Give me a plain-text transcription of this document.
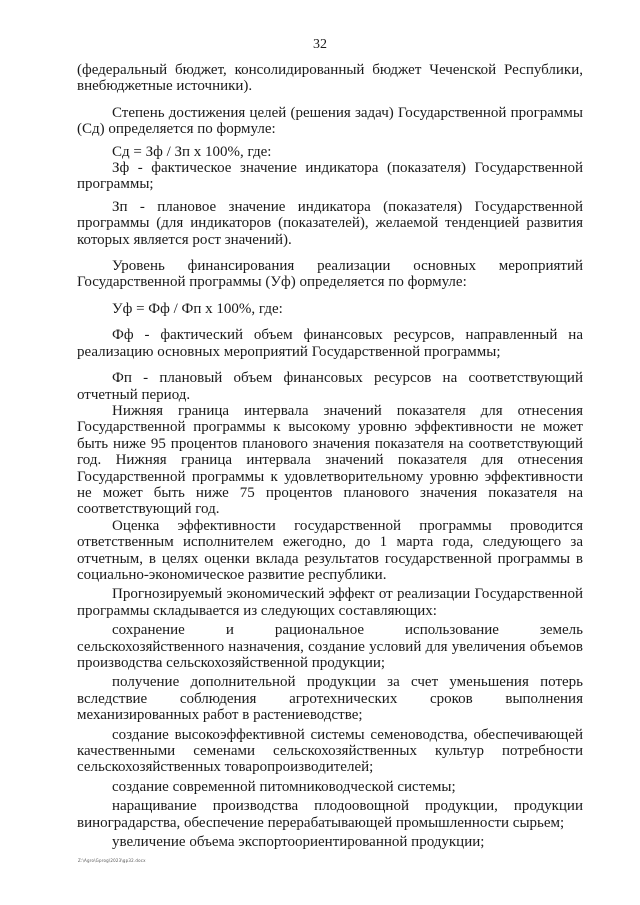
32

(федеральный бюджет, консолидированный бюджет Чеченской Республики, внебюджетные источники).

Степень достижения целей (решения задач) Государственной программы (Сд) определяется по формуле:

Сд = Зф / Зп х 100%, где:

Зф - фактическое значение индикатора (показателя) Государственной программы;

Зп - плановое значение индикатора (показателя) Государственной программы (для индикаторов (показателей), желаемой тенденцией развития которых является рост значений).

Уровень финансирования реализации основных мероприятий Государственной программы (Уф) определяется по формуле:

Уф = Фф / Фп х 100%, где:

Фф - фактический объем финансовых ресурсов, направленный на реализацию основных мероприятий Государственной программы;

Фп - плановый объем финансовых ресурсов на соответствующий отчетный период.

Нижняя граница интервала значений показателя для отнесения Государственной программы к высокому уровню эффективности не может быть ниже 95 процентов планового значения показателя на соответствующий год. Нижняя граница интервала значений показателя для отнесения Государственной программы к удовлетворительному уровню эффективности не может быть ниже 75 процентов планового значения показателя на соответствующий год.

Оценка эффективности государственной программы проводится ответственным исполнителем ежегодно, до 1 марта года, следующего за отчетным, в целях оценки вклада результатов государственной программы в социально-экономическое развитие республики.

Прогнозируемый экономический эффект от реализации Государственной программы складывается из следующих составляющих:

сохранение и рациональное использование земель сельскохозяйственного назначения, создание условий для увеличения объемов производства сельскохозяйственной продукции;

получение дополнительной продукции за счет уменьшения потерь вследствие соблюдения агротехнических сроков выполнения механизированных работ в растениеводстве;

создание высокоэффективной системы семеноводства, обеспечивающей качественными семенами сельскохозяйственных культур потребности сельскохозяйственных товаропроизводителей;

создание современной питомниководческой системы;

наращивание производства плодоовощной продукции, продукции виноградарства, обеспечение перерабатывающей промышленности сырьем;

увеличение объема экспортоориентированной продукции;

Z:\Agro\Gprog\2023\gp32.docx
